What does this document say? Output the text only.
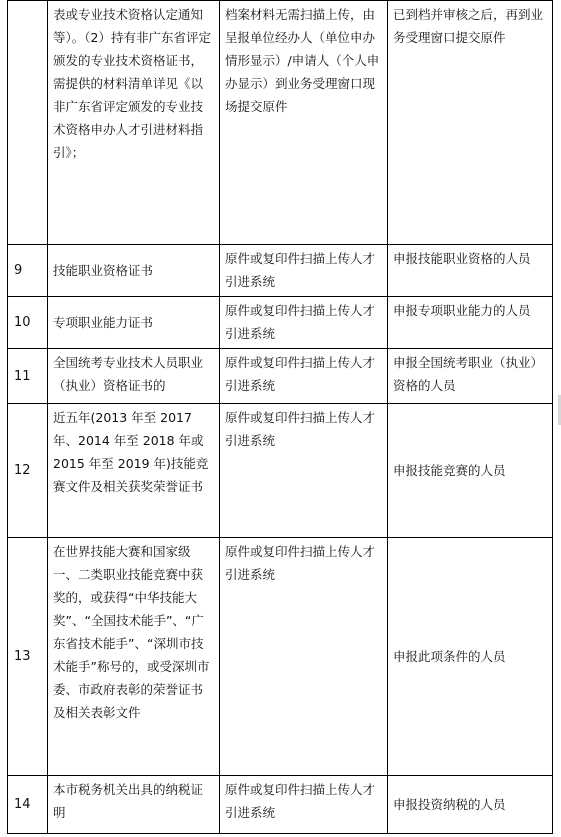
	表或专业技术资格认定通知等）。（2）持有非广东省评定颁发的专业技术资格证书，需提供的材料清单详见《以非广东省评定颁发的专业技术资格申办人才引进材料指引》；	档案材料无需扫描上传，由呈报单位经办人（单位申办情形显示）/申请人（个人申办显示）到业务受理窗口现场提交原件	已到档并审核之后，再到业务受理窗口提交原件
9	技能职业资格证书	原件或复印件扫描上传人才引进系统	申报技能职业资格的人员
10	专项职业能力证书	原件或复印件扫描上传人才引进系统	申报专项职业能力的人员
11	全国统考专业技术人员职业（执业）资格证书的	原件或复印件扫描上传人才引进系统	申报全国统考职业（执业）资格的人员
12	近五年(2013 年至 2017 年、2014 年至 2018 年或 2015 年至 2019 年)技能竞赛文件及相关获奖荣誉证书	原件或复印件扫描上传人才引进系统	申报技能竞赛的人员
13	在世界技能大赛和国家级一、二类职业技能竞赛中获奖的，或获得“中华技能大奖”、“全国技术能手”、“广东省技术能手”、“深圳市技术能手”称号的，或受深圳市委、市政府表彰的荣誉证书及相关表彰文件	原件或复印件扫描上传人才引进系统	申报此项条件的人员
14	本市税务机关出具的纳税证明	原件或复印件扫描上传人才引进系统	申报投资纳税的人员
